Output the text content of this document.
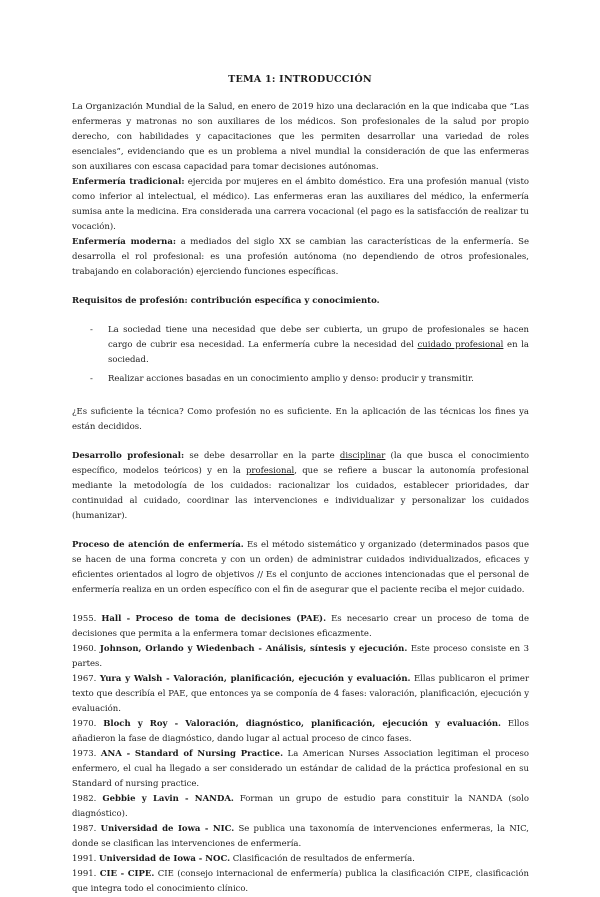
TEMA 1: INTRODUCCIÓN

La Organización Mundial de la Salud, en enero de 2019 hizo una declaración en la que indicaba que “Las enfermeras y matronas no son auxiliares de los médicos. Son profesionales de la salud por propio derecho, con habilidades y capacitaciones que les permiten desarrollar una variedad de roles esenciales”, evidenciando que es un problema a nivel mundial la consideración de que las enfermeras son auxiliares con escasa capacidad para tomar decisiones autónomas.

Enfermería tradicional: ejercida por mujeres en el ámbito doméstico. Era una profesión manual (visto como inferior al intelectual, el médico). Las enfermeras eran las auxiliares del médico, la enfermería sumisa ante la medicina. Era considerada una carrera vocacional (el pago es la satisfacción de realizar tu vocación).

Enfermería moderna: a mediados del siglo XX se cambian las características de la enfermería. Se desarrolla el rol profesional: es una profesión autónoma (no dependiendo de otros profesionales, trabajando en colaboración) ejerciendo funciones específicas.

Requisitos de profesión: contribución específica y conocimiento.

- La sociedad tiene una necesidad que debe ser cubierta, un grupo de profesionales se hacen cargo de cubrir esa necesidad. La enfermería cubre la necesidad del cuidado profesional en la sociedad.
- Realizar acciones basadas en un conocimiento amplio y denso: producir y transmitir.

¿Es suficiente la técnica? Como profesión no es suficiente. En la aplicación de las técnicas los fines ya están decididos.

Desarrollo profesional: se debe desarrollar en la parte disciplinar (la que busca el conocimiento específico, modelos teóricos) y en la profesional, que se refiere a buscar la autonomía profesional mediante la metodología de los cuidados: racionalizar los cuidados, establecer prioridades, dar continuidad al cuidado, coordinar las intervenciones e individualizar y personalizar los cuidados (humanizar).

Proceso de atención de enfermería. Es el método sistemático y organizado (determinados pasos que se hacen de una forma concreta y con un orden) de administrar cuidados individualizados, eficaces y eficientes orientados al logro de objetivos // Es el conjunto de acciones intencionadas que el personal de enfermería realiza en un orden específico con el fin de asegurar que el paciente reciba el mejor cuidado.

1955. Hall - Proceso de toma de decisiones (PAE). Es necesario crear un proceso de toma de decisiones que permita a la enfermera tomar decisiones eficazmente.

1960. Johnson, Orlando y Wiedenbach - Análisis, síntesis y ejecución. Este proceso consiste en 3 partes.

1967. Yura y Walsh - Valoración, planificación, ejecución y evaluación. Ellas publicaron el primer texto que describía el PAE, que entonces ya se componía de 4 fases: valoración, planificación, ejecución y evaluación.

1970. Bloch y Roy - Valoración, diagnóstico, planificación, ejecución y evaluación. Ellos añadieron la fase de diagnóstico, dando lugar al actual proceso de cinco fases.

1973. ANA - Standard of Nursing Practice. La American Nurses Association legitiman el proceso enfermero, el cual ha llegado a ser considerado un estándar de calidad de la práctica profesional en su Standard of nursing practice.

1982. Gebbie y Lavin - NANDA. Forman un grupo de estudio para constituir la NANDA (solo diagnóstico).

1987. Universidad de Iowa - NIC. Se publica una taxonomía de intervenciones enfermeras, la NIC, donde se clasifican las intervenciones de enfermería.

1991. Universidad de Iowa - NOC. Clasificación de resultados de enfermería.

1991. CIE - CIPE. CIE (consejo internacional de enfermería) publica la clasificación CIPE, clasificación que integra todo el conocimiento clínico.
